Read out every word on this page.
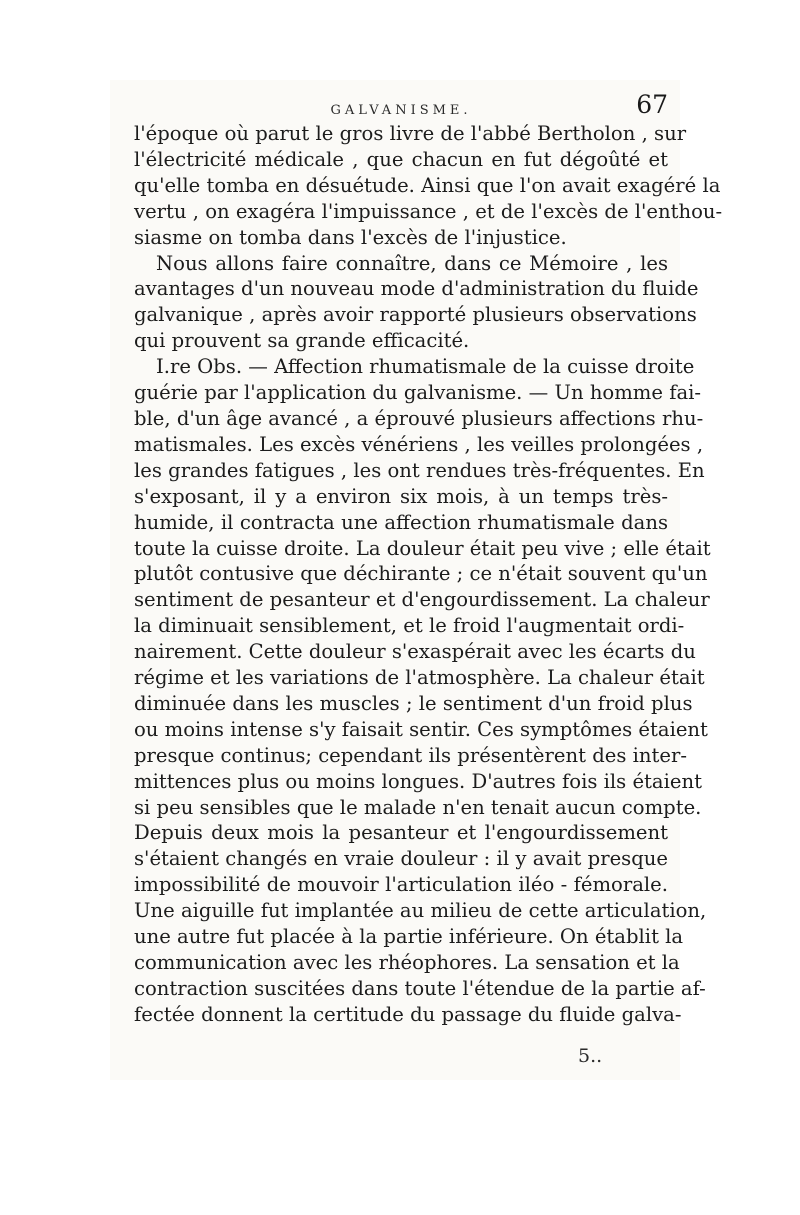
GALVANISME.	67
l'époque où parut le gros livre de l'abbé Bertholon , sur
l'électricité médicale , que chacun en fut dégoûté et
qu'elle tomba en désuétude. Ainsi que l'on avait exagéré la
vertu , on exagéra l'impuissance , et de l'excès de l'enthou-
siasme on tomba dans l'excès de l'injustice.
Nous allons faire connaître, dans ce Mémoire , les
avantages d'un nouveau mode d'administration du fluide
galvanique , après avoir rapporté plusieurs observations
qui prouvent sa grande efficacité.
I.re Obs. — Affection rhumatismale de la cuisse droite
guérie par l'application du galvanisme. — Un homme fai-
ble, d'un âge avancé , a éprouvé plusieurs affections rhu-
matismales. Les excès vénériens , les veilles prolongées ,
les grandes fatigues , les ont rendues très-fréquentes. En
s'exposant, il y a environ six mois, à un temps très-
humide, il contracta une affection rhumatismale dans
toute la cuisse droite. La douleur était peu vive ; elle était
plutôt contusive que déchirante ; ce n'était souvent qu'un
sentiment de pesanteur et d'engourdissement. La chaleur
la diminuait sensiblement, et le froid l'augmentait ordi-
nairement. Cette douleur s'exaspérait avec les écarts du
régime et les variations de l'atmosphère. La chaleur était
diminuée dans les muscles ; le sentiment d'un froid plus
ou moins intense s'y faisait sentir. Ces symptômes étaient
presque continus; cependant ils présentèrent des inter-
mittences plus ou moins longues. D'autres fois ils étaient
si peu sensibles que le malade n'en tenait aucun compte.
Depuis deux mois la pesanteur et l'engourdissement
s'étaient changés en vraie douleur : il y avait presque
impossibilité de mouvoir l'articulation iléo - fémorale.
Une aiguille fut implantée au milieu de cette articulation,
une autre fut placée à la partie inférieure. On établit la
communication avec les rhéophores. La sensation et la
contraction suscitées dans toute l'étendue de la partie af-
fectée donnent la certitude du passage du fluide galva-
5..
